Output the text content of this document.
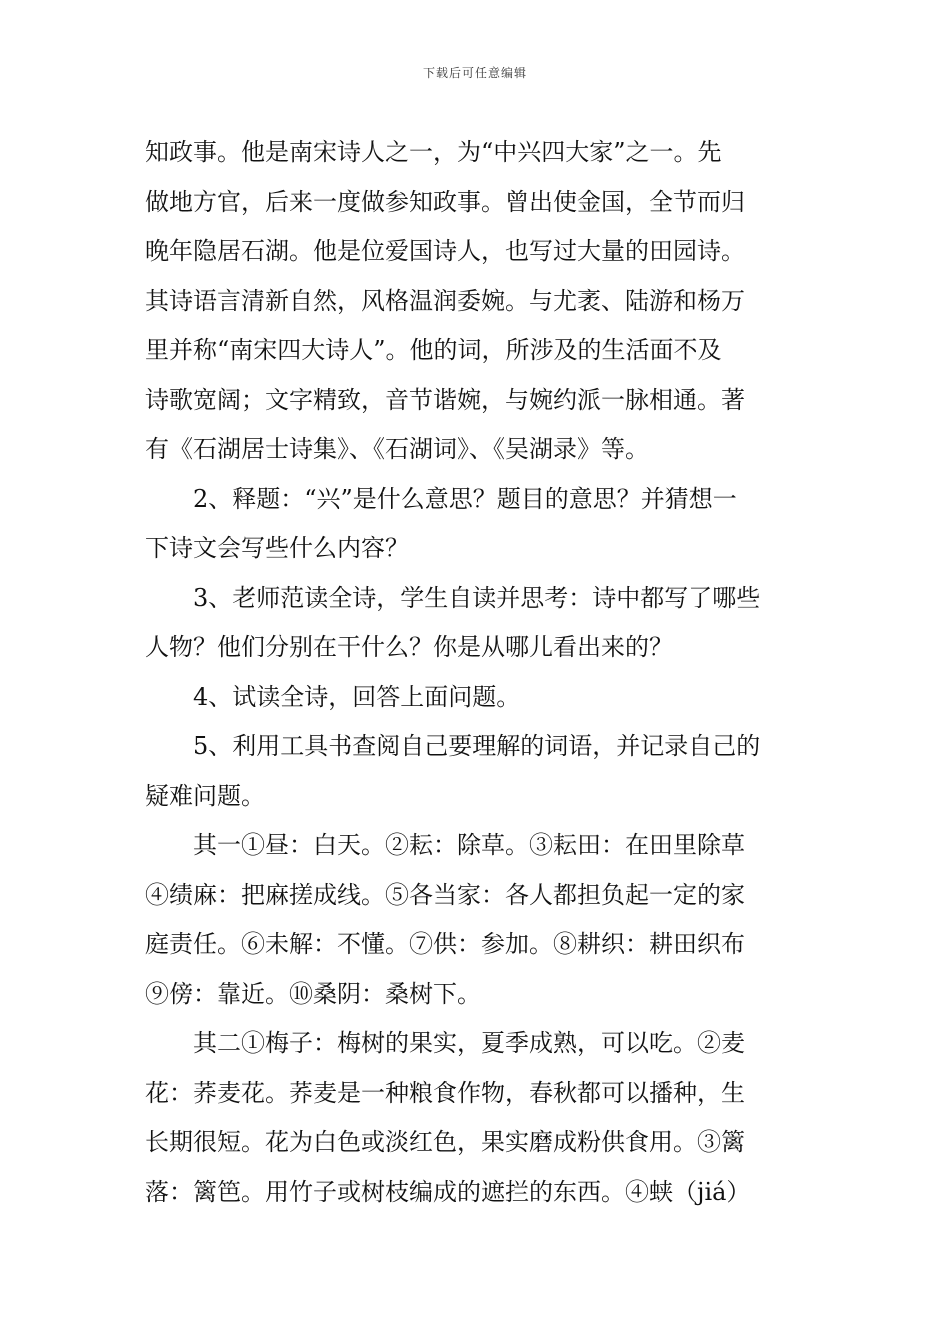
下载后可任意编辑
知政事。他是南宋诗人之一，为“中兴四大家”之一。先
做地方官，后来一度做参知政事。曾出使金国，全节而归
晚年隐居石湖。他是位爱国诗人，也写过大量的田园诗。
其诗语言清新自然，风格温润委婉。与尤袤、陆游和杨万
里并称“南宋四大诗人”。他的词，所涉及的生活面不及
诗歌宽阔；文字精致，音节谐婉，与婉约派一脉相通。著
有《石湖居士诗集》、《石湖词》、《吴湖录》等。
2、释题：“兴”是什么意思？题目的意思？并猜想一
下诗文会写些什么内容？
3、老师范读全诗，学生自读并思考：诗中都写了哪些
人物？他们分别在干什么？你是从哪儿看出来的？
4、试读全诗，回答上面问题。
5、利用工具书查阅自己要理解的词语，并记录自己的
疑难问题。
其一①昼：白天。②耘：除草。③耘田：在田里除草
④绩麻：把麻搓成线。⑤各当家：各人都担负起一定的家
庭责任。⑥未解：不懂。⑦供：参加。⑧耕织：耕田织布
⑨傍：靠近。⑩桑阴：桑树下。
其二①梅子：梅树的果实，夏季成熟，可以吃。②麦
花：荞麦花。荞麦是一种粮食作物，春秋都可以播种，生
长期很短。花为白色或淡红色，果实磨成粉供食用。③篱
落：篱笆。用竹子或树枝编成的遮拦的东西。④蛱（jiá）
